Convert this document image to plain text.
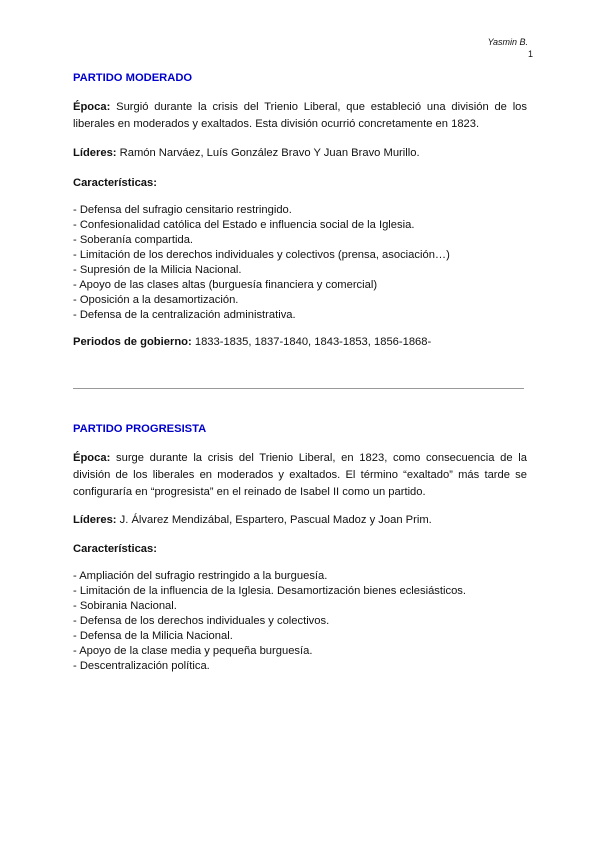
Yasmin B.
1

PARTIDO MODERADO

Época: Surgió durante la crisis del Trienio Liberal, que estableció una división de los liberales en moderados y exaltados. Esta división ocurrió concretamente en 1823.

Líderes: Ramón Narváez, Luís González Bravo Y Juan Bravo Murillo.

Características:

- Defensa del sufragio censitario restringido.
- Confesionalidad católica del Estado e influencia social de la Iglesia.
- Soberanía compartida.
- Limitación de los derechos individuales y colectivos (prensa, asociación…)
- Supresión de la Milicia Nacional.
- Apoyo de las clases altas (burguesía financiera y comercial)
- Oposición a la desamortización.
- Defensa de la centralización administrativa.

Periodos de gobierno: 1833-1835, 1837-1840, 1843-1853, 1856-1868-

PARTIDO PROGRESISTA

Época: surge durante la crisis del Trienio Liberal, en 1823, como consecuencia de la división de los liberales en moderados y exaltados. El término “exaltado” más tarde se configuraría en “progresista” en el reinado de Isabel II como un partido.

Líderes: J. Álvarez Mendizábal, Espartero, Pascual Madoz y Joan Prim.

Características:

- Ampliación del sufragio restringido a la burguesía.
- Limitación de la influencia de la Iglesia. Desamortización bienes eclesiásticos.
- Sobirania Nacional.
- Defensa de los derechos individuales y colectivos.
- Defensa de la Milicia Nacional.
- Apoyo de la clase media y pequeña burguesía.
- Descentralización política.
